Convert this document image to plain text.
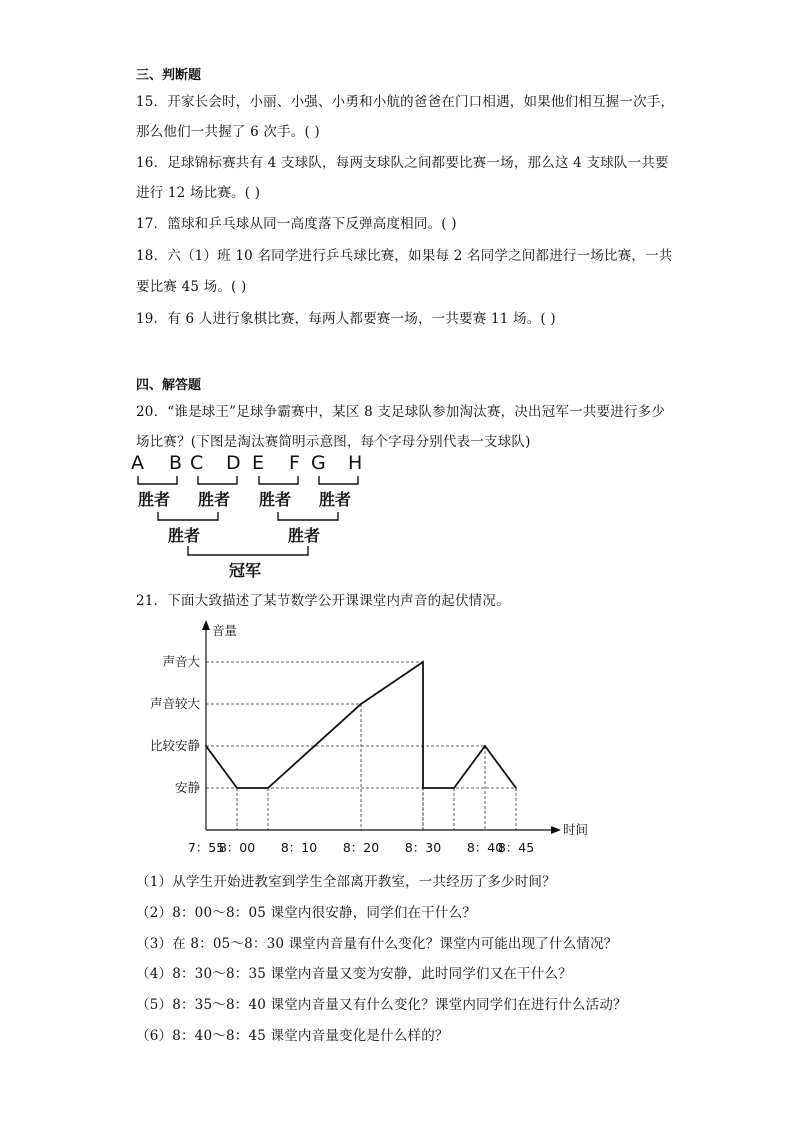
三、判断题
15．开家长会时，小丽、小强、小勇和小航的爸爸在门口相遇，如果他们相互握一次手，
那么他们一共握了 6 次手。( )
16．足球锦标赛共有 4 支球队，每两支球队之间都要比赛一场，那么这 4 支球队一共要
进行 12 场比赛。( )
17．篮球和乒乓球从同一高度落下反弹高度相同。( )
18．六（1）班 10 名同学进行乒乓球比赛，如果每 2 名同学之间都进行一场比赛，一共
要比赛 45 场。( )
19．有 6 人进行象棋比赛，每两人都要赛一场，一共要赛 11 场。( )
四、解答题
20．“谁是球王”足球争霸赛中，某区 8 支足球队参加淘汰赛，决出冠军一共要进行多少
场比赛？(下图是淘汰赛简明示意图，每个字母分别代表一支球队)
A B C D E F G H
胜者 胜者 胜者 胜者
胜者	胜者
冠军
21．下面大致描述了某节数学公开课课堂内声音的起伏情况。
音量
时间
安静
比较安静
声音较大
声音大
7：55
8：00 8：10 8：20 8：30 8：40
8：45
（1）从学生开始进教室到学生全部离开教室，一共经历了多少时间？
（2）8：00～8：05 课堂内很安静，同学们在干什么？
（3）在 8：05～8：30 课堂内音量有什么变化？课堂内可能出现了什么情况？
（4）8：30～8：35 课堂内音量又变为安静，此时同学们又在干什么？
（5）8：35～8：40 课堂内音量又有什么变化？课堂内同学们在进行什么活动？
（6）8：40～8：45 课堂内音量变化是什么样的？
